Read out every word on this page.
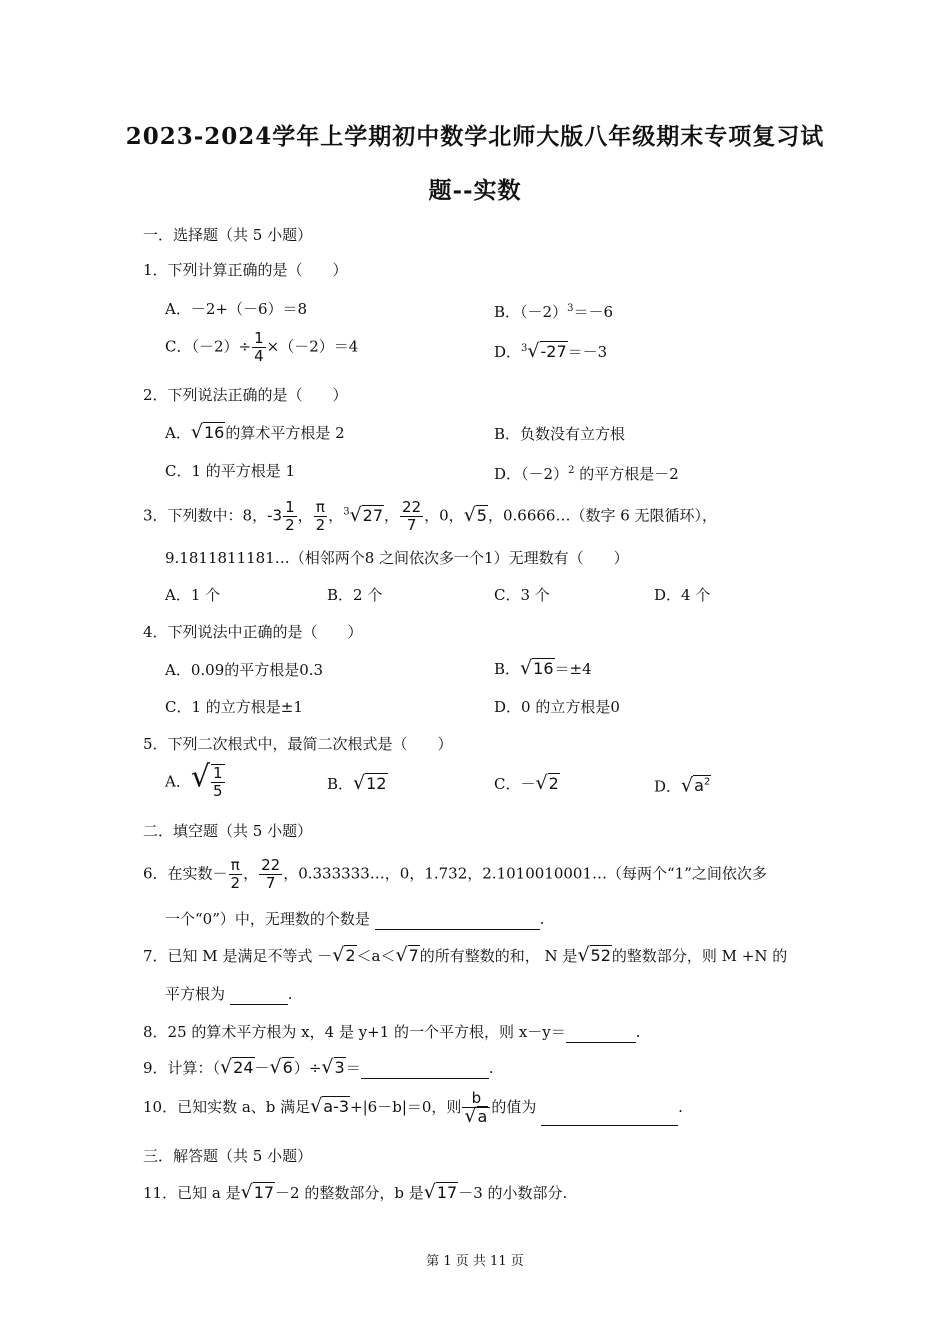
2023-2024学年上学期初中数学北师大版八年级期末专项复习试
题--实数
一．选择题（共 5 小题）
1．下列计算正确的是（　　）
A．－2+（－6）＝8	B．$(-2)^3=-6$
C．$(-2)\div \frac{1}{4} \times(-2)=4$	D．$^3$√-27＝－3
2．下列说法正确的是（　　）
A．√16的算术平方根是 2	B．负数没有立方根
C．1 的平方根是 1	D．$(-2)^2$ 的平方根是－2
3．下列数中：8，$-3 \frac{1}{2}$ ， $\frac{\pi}{2}$ ，$^3$√27， $\frac{22}{7}$ ，0，√5，0.6666…（数字 6 无限循环），
9.1811811181…（相邻两个8 之间依次多一个1）无理数有（　　）
A．1 个	B．2 个	C．3 个	D．4 个
4．下列说法中正确的是（　　）
A．0.09的平方根是0.3	B．√16＝±4
C．1 的立方根是±1	D．0 的立方根是0
5．下列二次根式中，最简二次根式是（　　）
A．√ $\frac{1}{5}$	B．√12	C．－√2	D．$√a^2$
二．填空题（共 5 小题）
6．在实数－ $\frac{\pi}{2}$ ， $\frac{22}{7}$ ，0.333333…，0，1.732，2.1010010001…（每两个“1”之间依次多
一个“0”）中，无理数的个数是	.
7．已知 M 是满足不等式 －√2＜a＜√7的所有整数的和， N 是√52的整数部分，则 M +N 的
平方根为	.
8．25 的算术平方根为 x，4 是 y+1 的一个平方根，则 x－y＝	.
9．计算：（√24－√6）÷√3＝	.
10．已知实数 a、b 满足√a-3+|6－b|＝0，则 $\frac{b}{√a}$ 的值为	.
三．解答题（共 5 小题）
11．已知 a 是√17－2 的整数部分，b 是√17－3 的小数部分.
第 1 页 共 11 页
